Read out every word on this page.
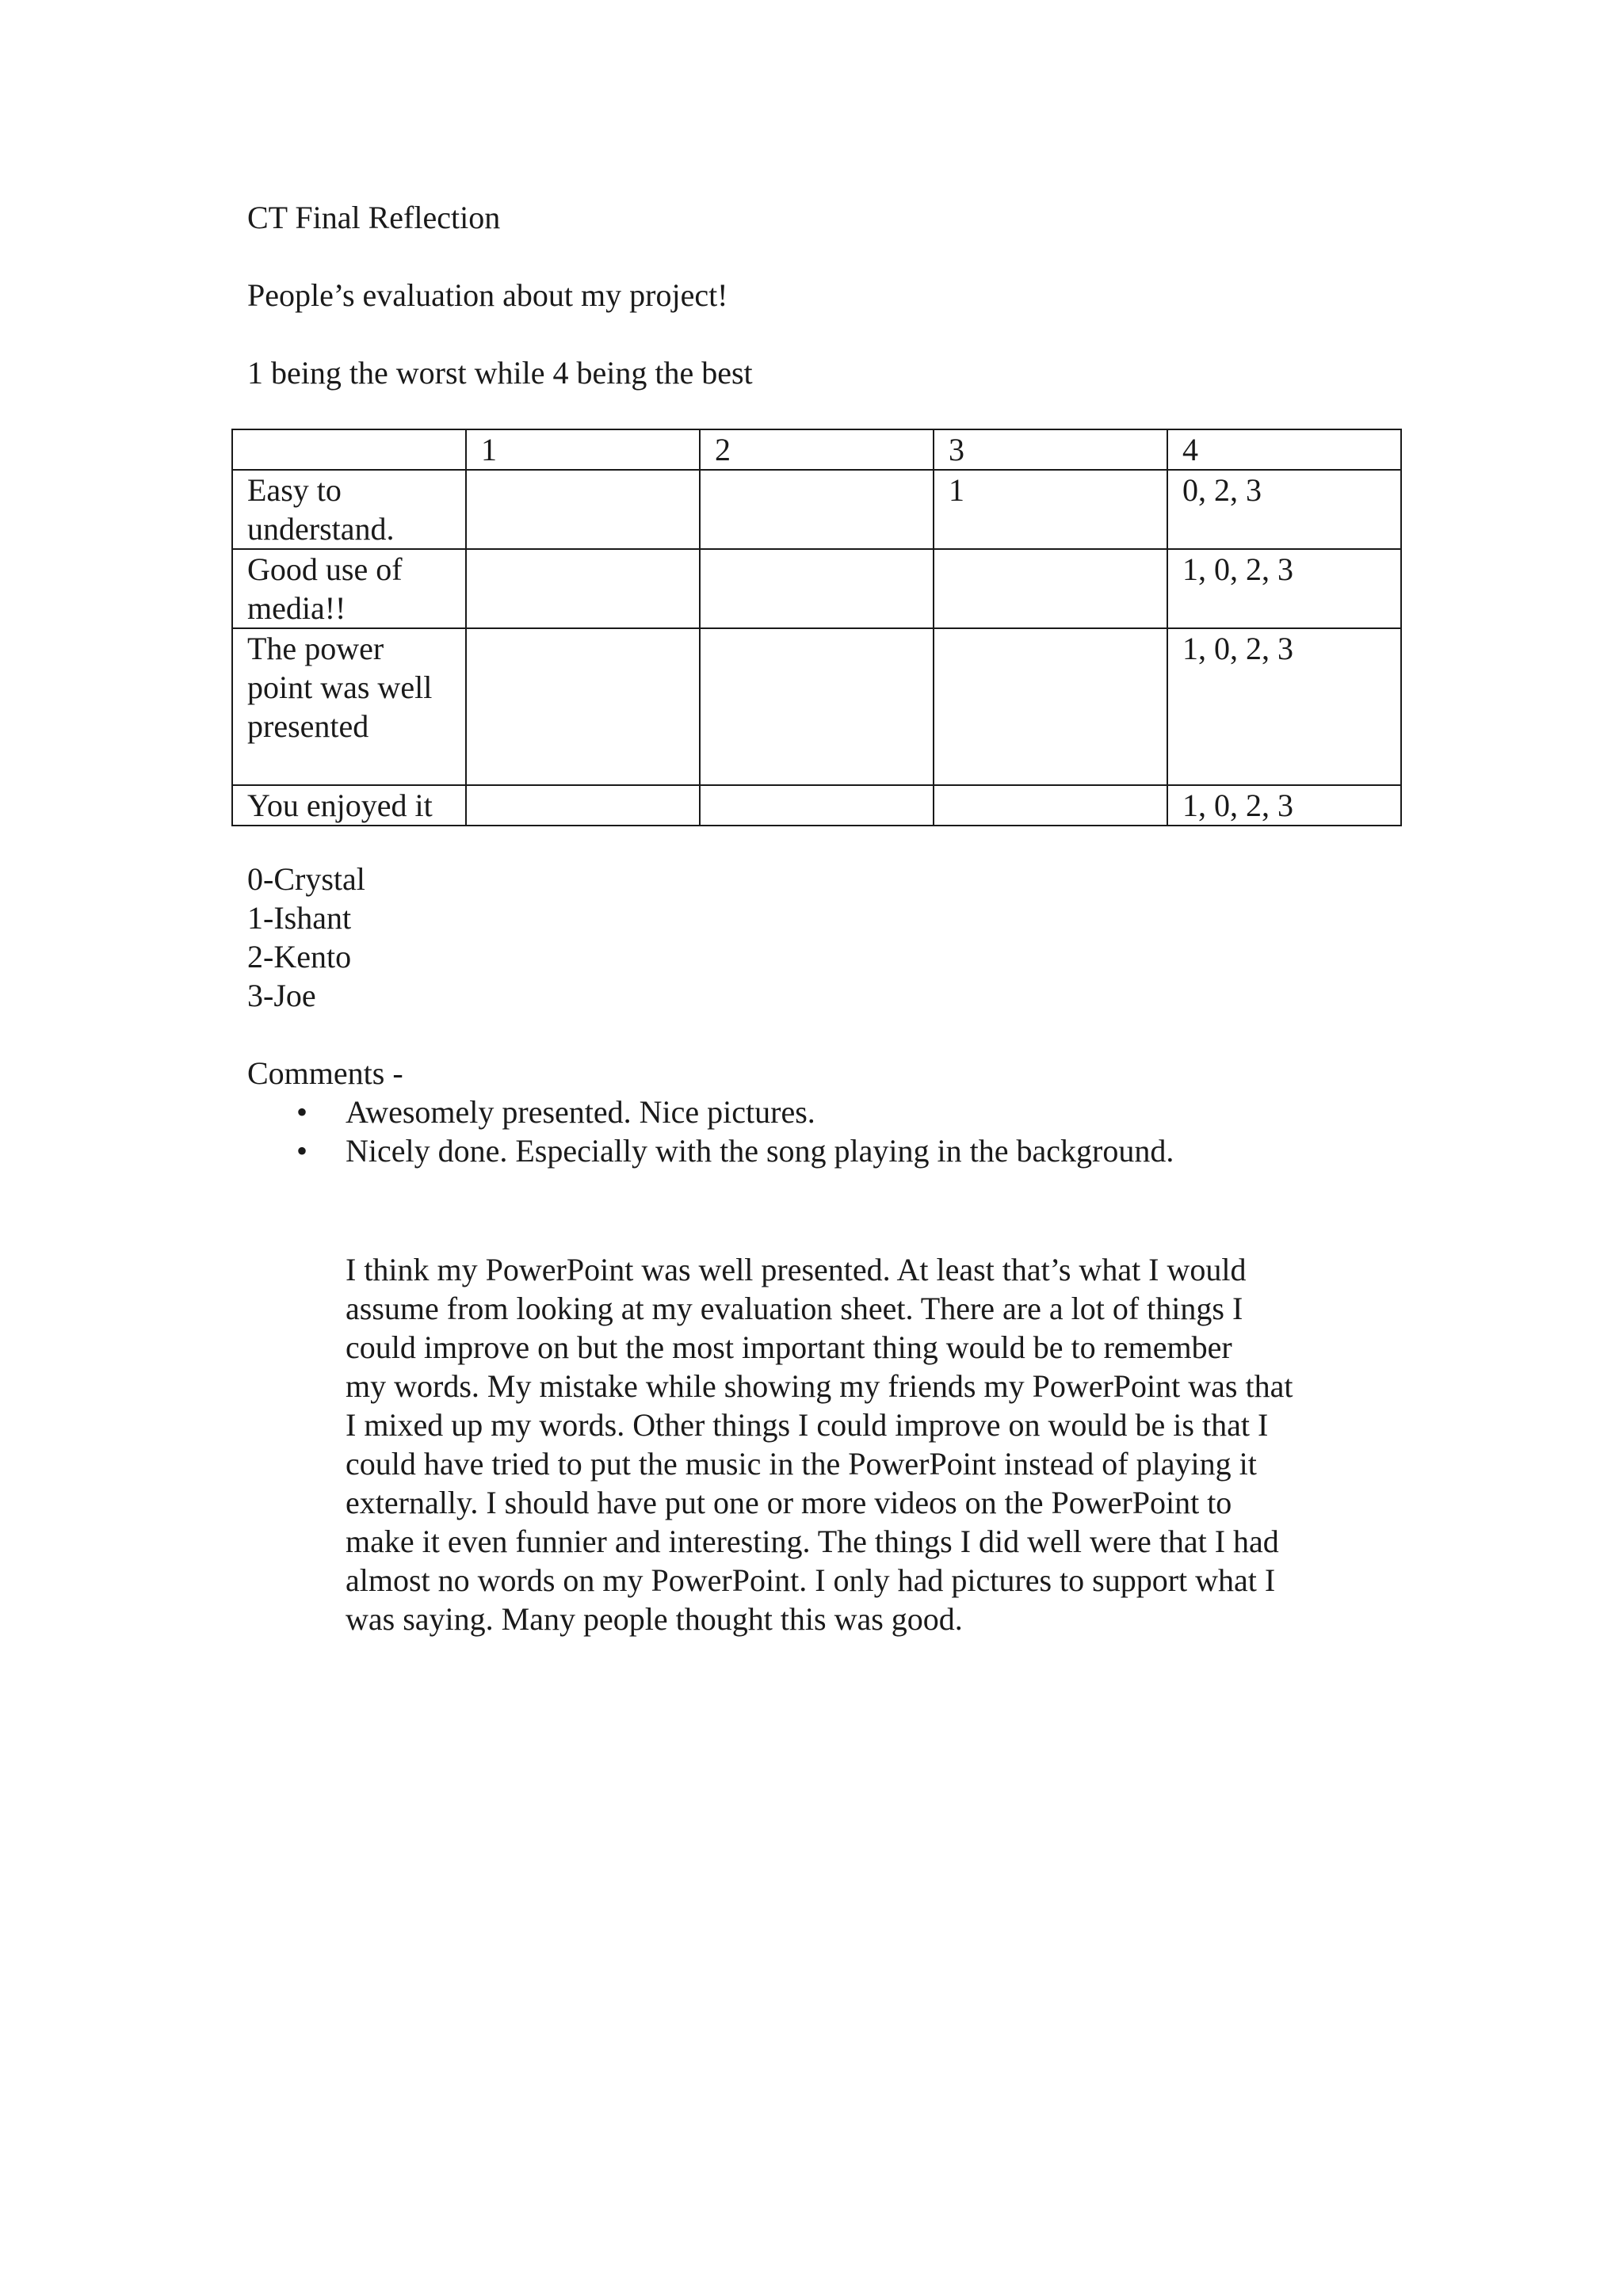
CT Final Reflection
People’s evaluation about my project!
1 being the worst while 4 being the best
	1	2	3	4
Easy to understand.			1	0, 2, 3
Good use of media!!				1, 0, 2, 3
The power point was well presented				1, 0, 2, 3
You enjoyed it				1, 0, 2, 3
0-Crystal
1-Ishant
2-Kento
3-Joe
Comments -
• Awesomely presented. Nice pictures.
• Nicely done. Especially with the song playing in the background.
I think my PowerPoint was well presented. At least that’s what I would
assume from looking at my evaluation sheet. There are a lot of things I
could improve on but the most important thing would be to remember
my words. My mistake while showing my friends my PowerPoint was that
I mixed up my words. Other things I could improve on would be is that I
could have tried to put the music in the PowerPoint instead of playing it
externally. I should have put one or more videos on the PowerPoint to
make it even funnier and interesting. The things I did well were that I had
almost no words on my PowerPoint. I only had pictures to support what I
was saying. Many people thought this was good.
